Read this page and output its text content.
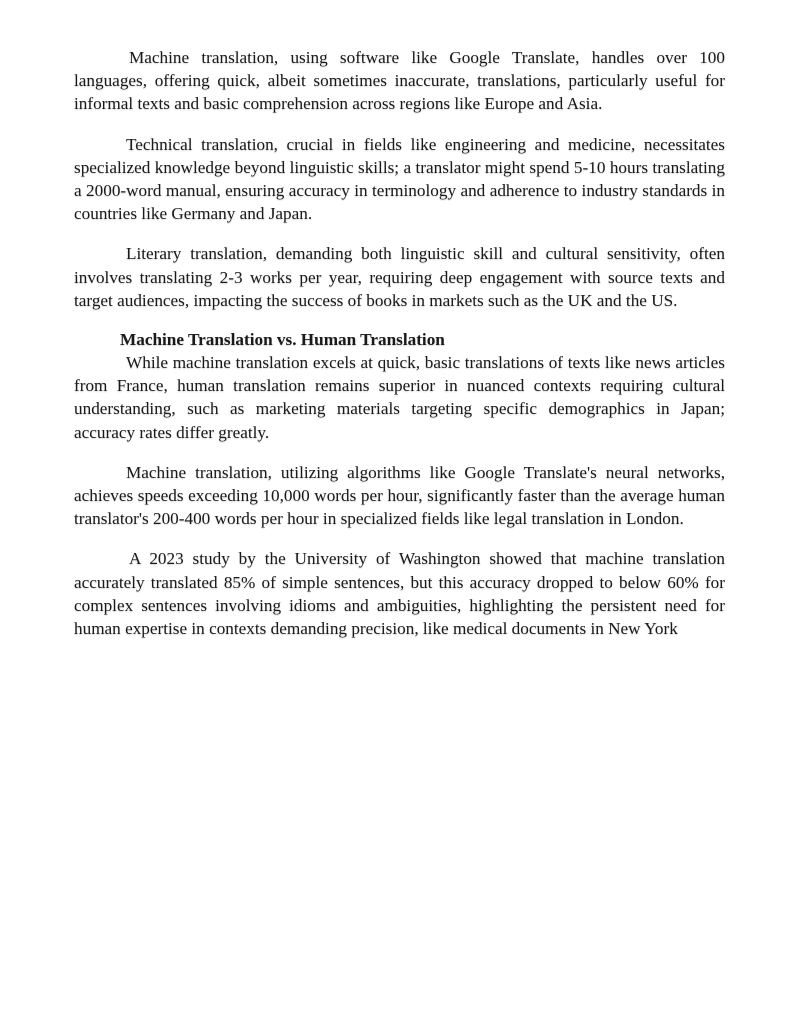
Machine translation, using software like Google Translate, handles over 100 languages, offering quick, albeit sometimes inaccurate, translations, particularly useful for informal texts and basic comprehension across regions like Europe and Asia.

Technical translation, crucial in fields like engineering and medicine, necessitates specialized knowledge beyond linguistic skills; a translator might spend 5-10 hours translating a 2000-word manual, ensuring accuracy in terminology and adherence to industry standards in countries like Germany and Japan.

Literary translation, demanding both linguistic skill and cultural sensitivity, often involves translating 2-3 works per year, requiring deep engagement with source texts and target audiences, impacting the success of books in markets such as the UK and the US.

Machine Translation vs. Human Translation

While machine translation excels at quick, basic translations of texts like news articles from France, human translation remains superior in nuanced contexts requiring cultural understanding, such as marketing materials targeting specific demographics in Japan; accuracy rates differ greatly.

Machine translation, utilizing algorithms like Google Translate's neural networks, achieves speeds exceeding 10,000 words per hour, significantly faster than the average human translator's 200-400 words per hour in specialized fields like legal translation in London.

A 2023 study by the University of Washington showed that machine translation accurately translated 85% of simple sentences, but this accuracy dropped to below 60% for complex sentences involving idioms and ambiguities, highlighting the persistent need for human expertise in contexts demanding precision, like medical documents in New York
